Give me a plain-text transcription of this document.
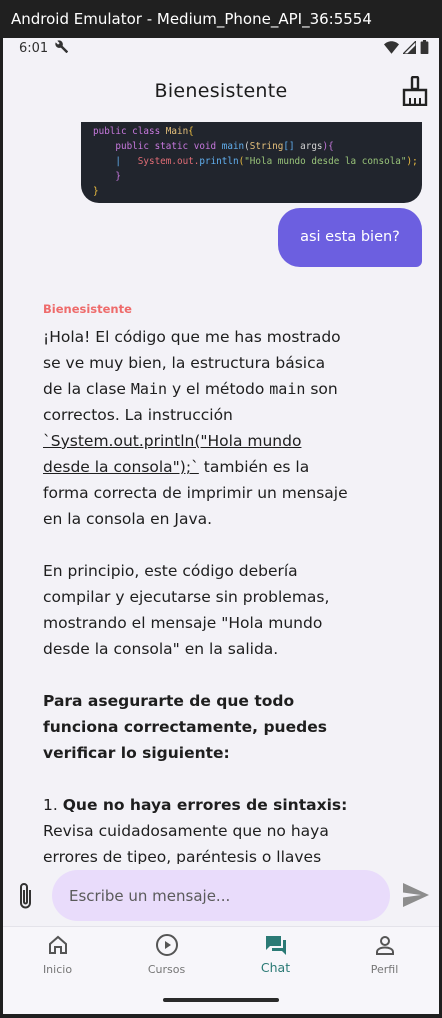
Android Emulator - Medium_Phone_API_36:5554
6:01
Bienesistente
public class Main{
public static void main(String[] args){
| System.out.println("Hola mundo desde la consola");
}
}
asi esta bien?
Bienesistente

¡Hola! El código que me has mostrado se ve muy bien, la estructura básica de la clase Main y el método main son correctos. La instrucción `System.out.println("Hola mundo desde la consola");` también es la forma correcta de imprimir un mensaje en la consola en Java.

En principio, este código debería compilar y ejecutarse sin problemas, mostrando el mensaje "Hola mundo desde la consola" en la salida.

Para asegurarte de que todo funciona correctamente, puedes verificar lo siguiente:

1. Que no haya errores de sintaxis: Revisa cuidadosamente que no haya errores de tipeo, paréntesis o llaves

Escribe un mensaje...
Inicio	Cursos	Chat	Perfil
